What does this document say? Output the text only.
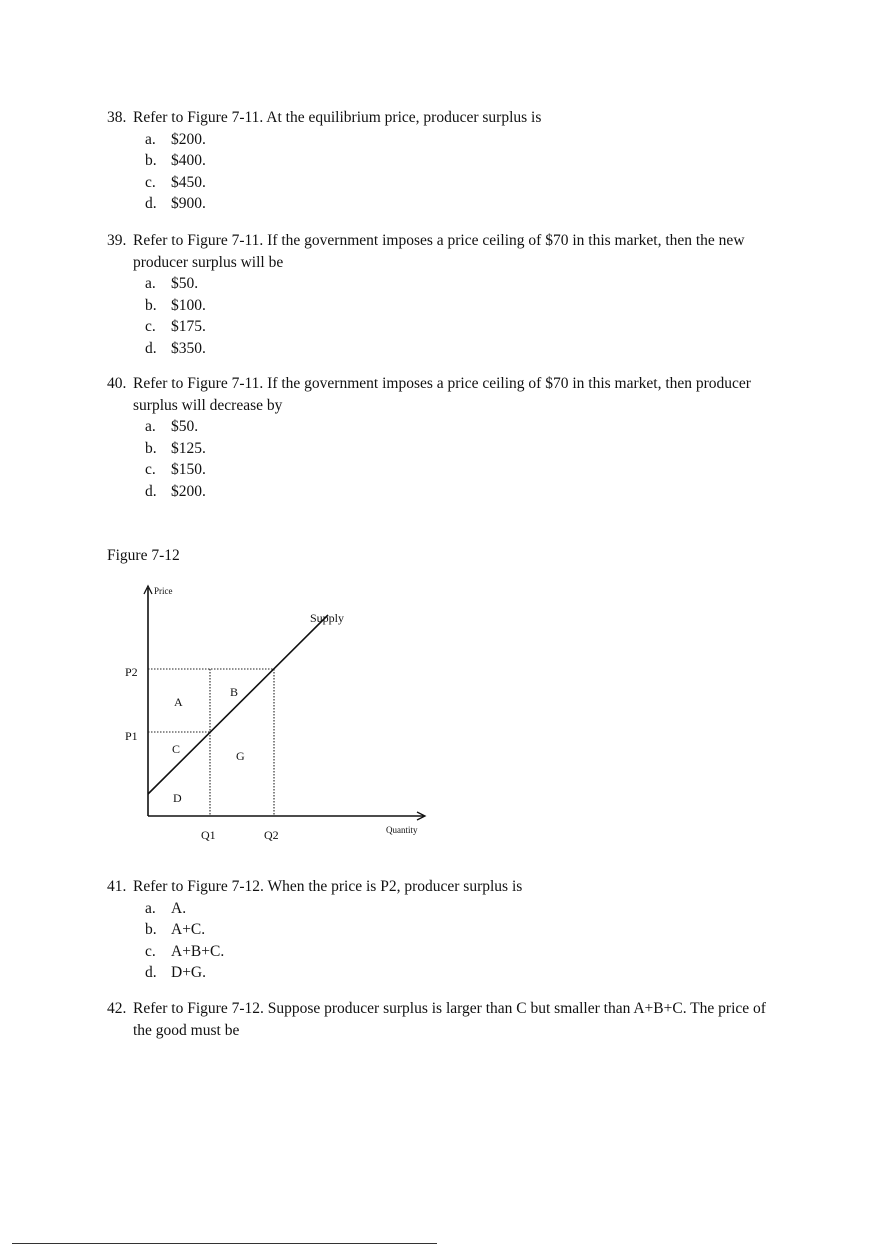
38. Refer to Figure 7-11. At the equilibrium price, producer surplus is
a. $200.
b. $400.
c. $450.
d. $900.
39. Refer to Figure 7-11. If the government imposes a price ceiling of $70 in this market, then the new producer surplus will be
a. $50.
b. $100.
c. $175.
d. $350.
40. Refer to Figure 7-11. If the government imposes a price ceiling of $70 in this market, then producer surplus will decrease by
a. $50.
b. $125.
c. $150.
d. $200.
Figure 7-12
Price
Quantity
Supply
P2
P1
Q1	Q2
A
B
C	G
D
41. Refer to Figure 7-12. When the price is P2, producer surplus is
a. A.
b. A+C.
c. A+B+C.
d. D+G.
42. Refer to Figure 7-12. Suppose producer surplus is larger than C but smaller than A+B+C. The price of the good must be
